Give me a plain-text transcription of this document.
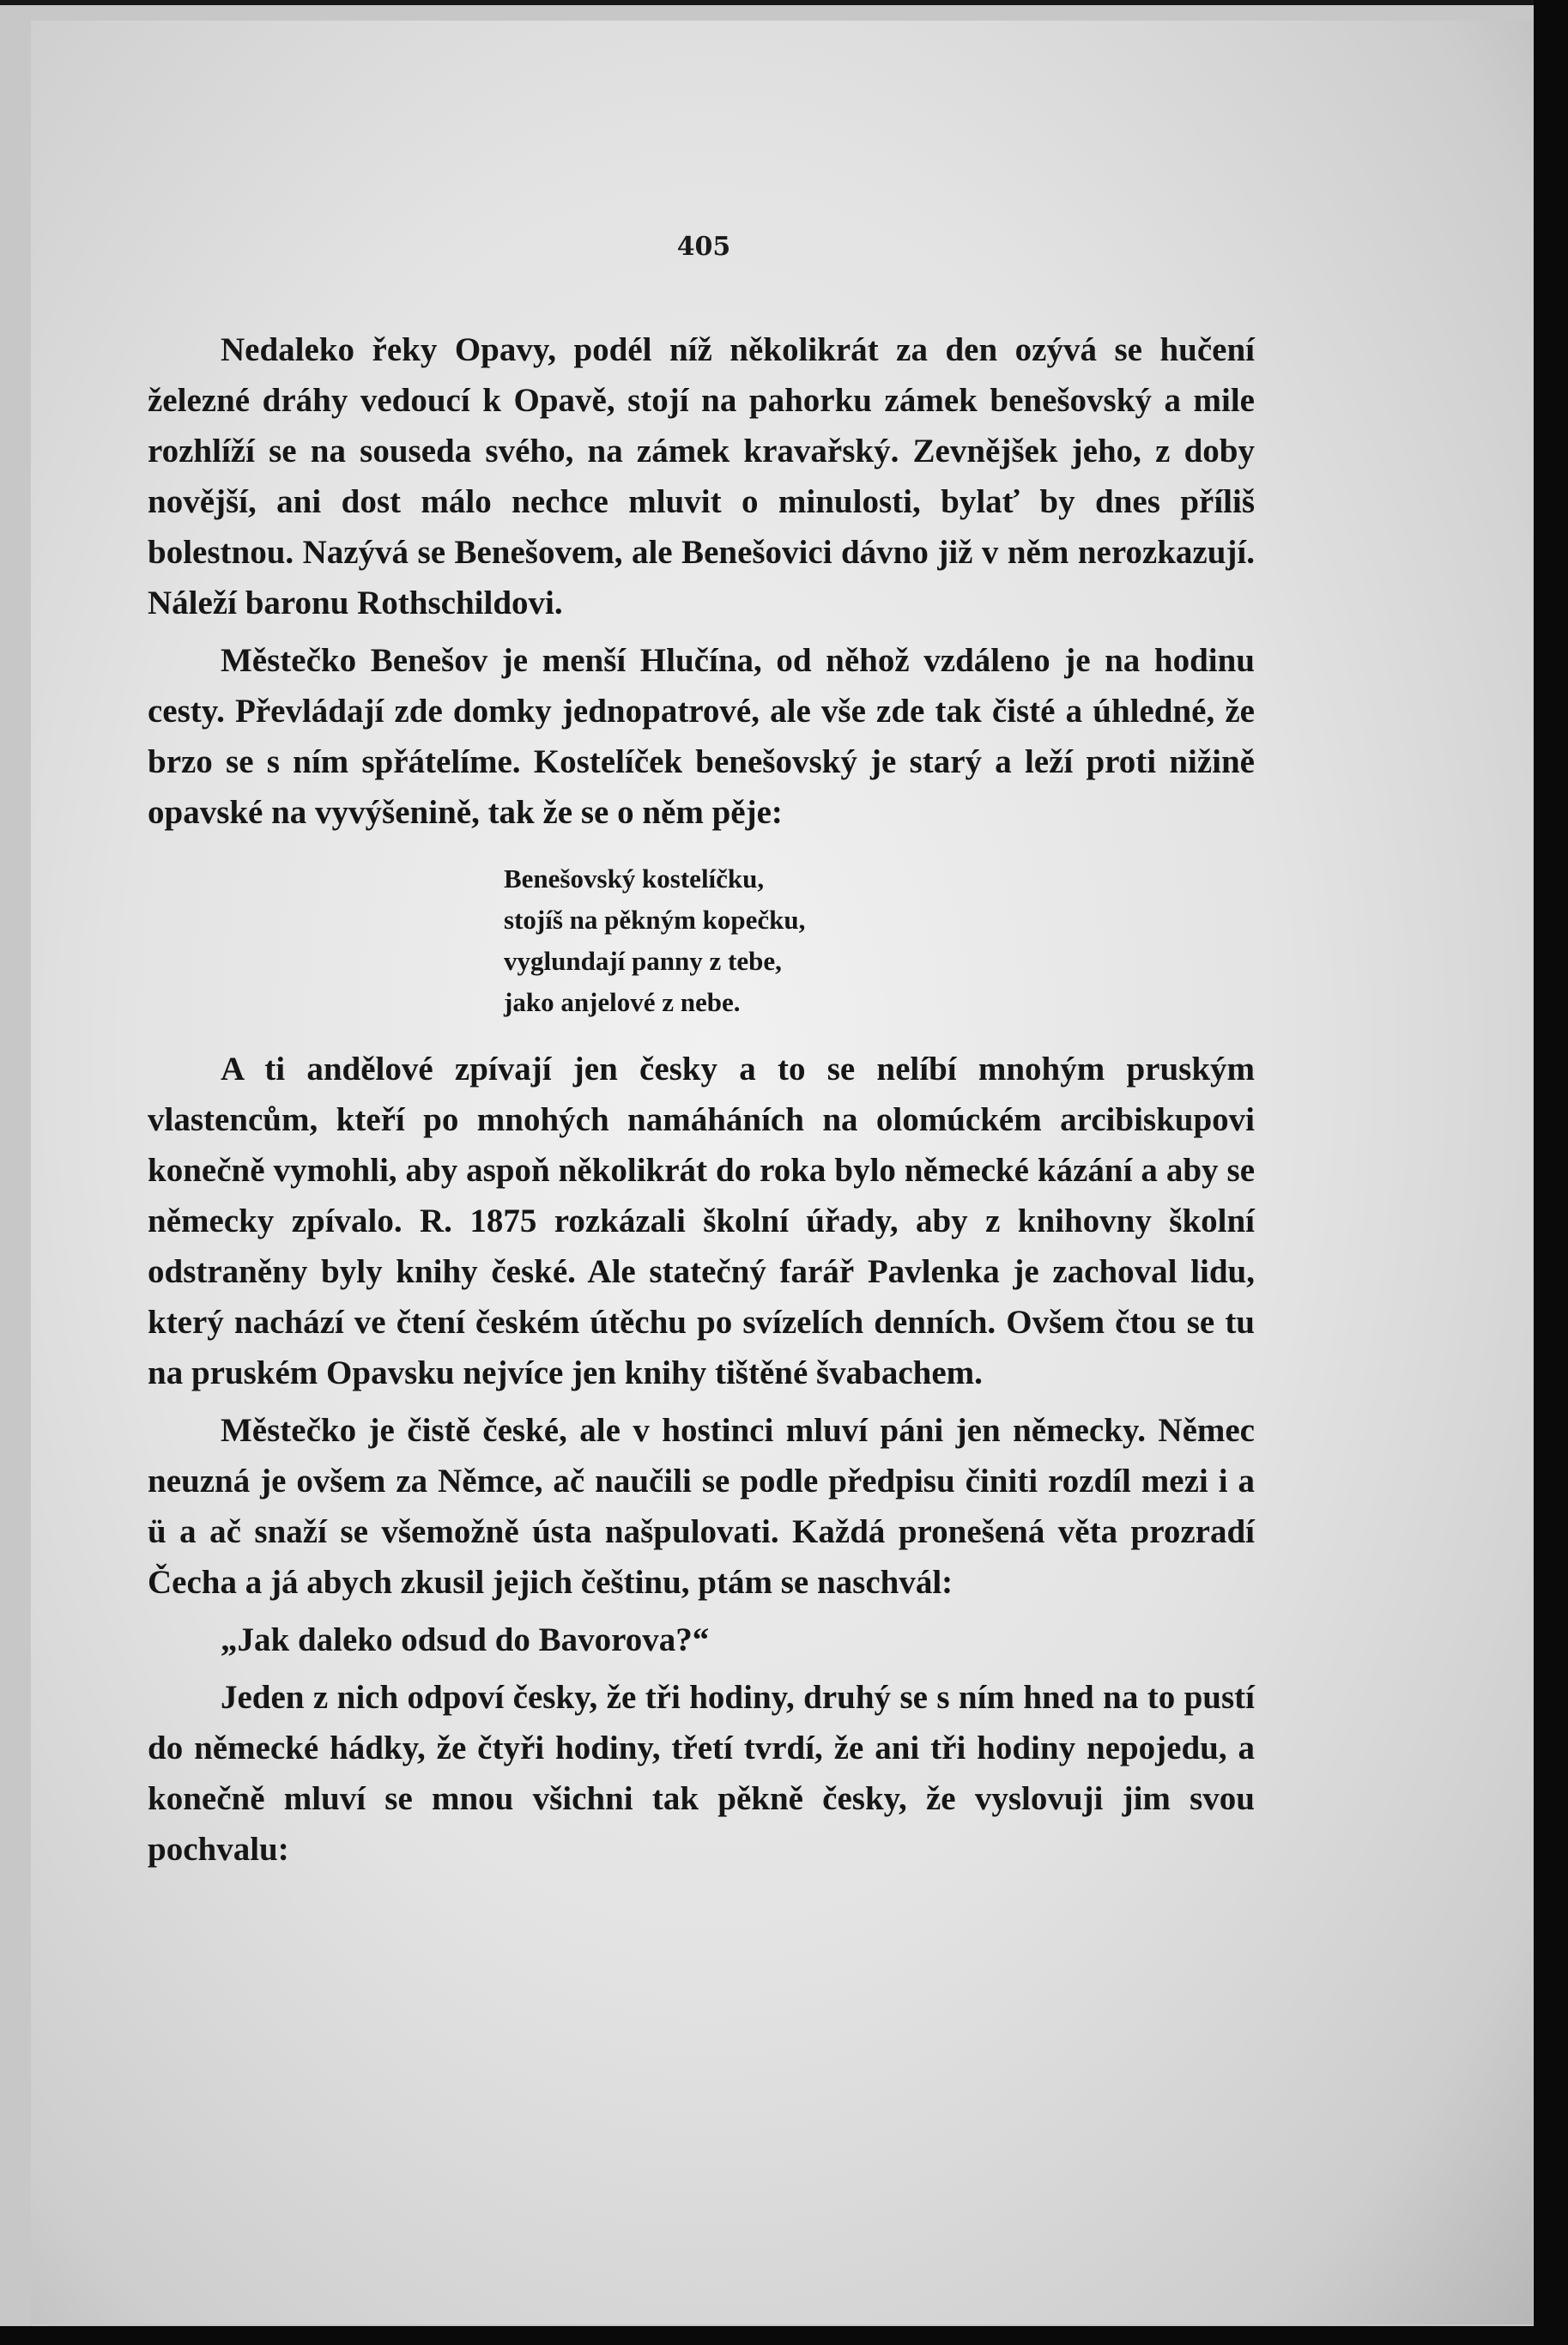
405

Nedaleko řeky Opavy, podél níž několikrát za den ozývá se hučení železné dráhy vedoucí k Opavě, stojí na pahorku zámek benešovský a mile rozhlíží se na souseda svého, na zámek kravařský. Zevnějšek jeho, z doby novější, ani dost málo nechce mluvit o minulosti, bylať by dnes příliš bolestnou. Nazývá se Benešovem, ale Benešovici dávno již v něm nerozkazují. Náleží baronu Rothschildovi.

Městečko Benešov je menší Hlučína, od něhož vzdáleno je na hodinu cesty. Převládají zde domky jednopatrové, ale vše zde tak čisté a úhledné, že brzo se s ním spřátelíme. Kostelíček benešovský je starý a leží proti nižině opavské na vyvýšenině, tak že se o něm pěje:

Benešovský kostelíčku,
stojíš na pěkným kopečku,
vyglundají panny z tebe,
jako anjelové z nebe.

A ti andělové zpívají jen česky a to se nelíbí mnohým pruským vlastencům, kteří po mnohých namáháních na olomúckém arcibiskupovi konečně vymohli, aby aspoň několikrát do roka bylo německé kázání a aby se německy zpívalo. R. 1875 rozkázali školní úřady, aby z knihovny školní odstraněny byly knihy české. Ale statečný farář Pavlenka je zachoval lidu, který nachází ve čtení českém útěchu po svízelích denních. Ovšem čtou se tu na pruském Opavsku nejvíce jen knihy tištěné švabachem.

Městečko je čistě české, ale v hostinci mluví páni jen německy. Němec neuzná je ovšem za Němce, ač naučili se podle předpisu činiti rozdíl mezi i a ü a ač snaží se všemožně ústa našpulovati. Každá pronešená věta prozradí Čecha a já abych zkusil jejich češtinu, ptám se naschvál:

„Jak daleko odsud do Bavorova?“

Jeden z nich odpoví česky, že tři hodiny, druhý se s ním hned na to pustí do německé hádky, že čtyři hodiny, třetí tvrdí, že ani tři hodiny nepojedu, a konečně mluví se mnou všichni tak pěkně česky, že vyslovuji jim svou pochvalu:
